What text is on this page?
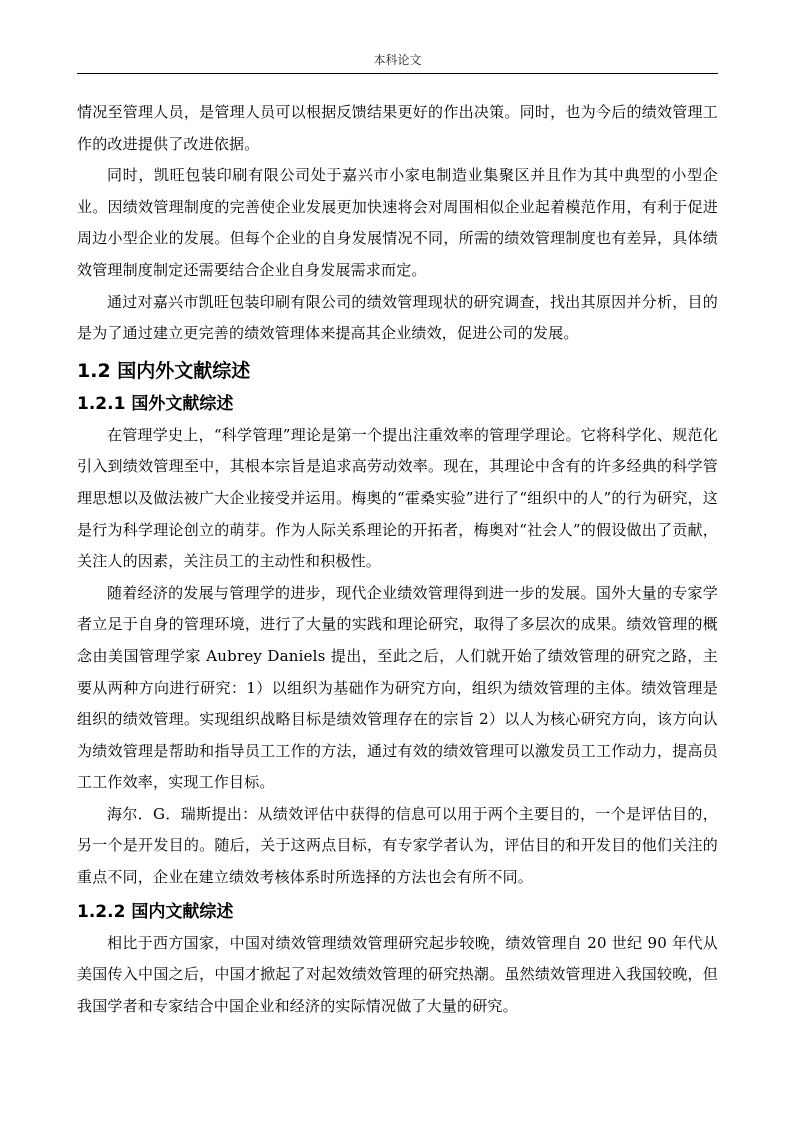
本科论文

情况至管理人员，是管理人员可以根据反馈结果更好的作出决策。同时，也为今后的绩效管理工作的改进提供了改进依据。

同时，凯旺包装印刷有限公司处于嘉兴市小家电制造业集聚区并且作为其中典型的小型企业。因绩效管理制度的完善使企业发展更加快速将会对周围相似企业起着模范作用，有利于促进周边小型企业的发展。但每个企业的自身发展情况不同，所需的绩效管理制度也有差异，具体绩效管理制度制定还需要结合企业自身发展需求而定。

通过对嘉兴市凯旺包装印刷有限公司的绩效管理现状的研究调查，找出其原因并分析，目的是为了通过建立更完善的绩效管理体来提高其企业绩效，促进公司的发展。

1.2 国内外文献综述
1.2.1 国外文献综述

在管理学史上，“科学管理”理论是第一个提出注重效率的管理学理论。它将科学化、规范化引入到绩效管理至中，其根本宗旨是追求高劳动效率。现在，其理论中含有的许多经典的科学管理思想以及做法被广大企业接受并运用。梅奥的“霍桑实验”进行了“组织中的人”的行为研究，这是行为科学理论创立的萌芽。作为人际关系理论的开拓者，梅奥对“社会人”的假设做出了贡献，关注人的因素，关注员工的主动性和积极性。

随着经济的发展与管理学的进步，现代企业绩效管理得到进一步的发展。国外大量的专家学者立足于自身的管理环境，进行了大量的实践和理论研究，取得了多层次的成果。绩效管理的概念由美国管理学家 Aubrey Daniels 提出，至此之后，人们就开始了绩效管理的研究之路，主要从两种方向进行研究：1）以组织为基础作为研究方向，组织为绩效管理的主体。绩效管理是组织的绩效管理。实现组织战略目标是绩效管理存在的宗旨 2）以人为核心研究方向，该方向认为绩效管理是帮助和指导员工工作的方法，通过有效的绩效管理可以激发员工工作动力，提高员工工作效率，实现工作目标。

海尔．G．瑞斯提出：从绩效评估中获得的信息可以用于两个主要目的，一个是评估目的，另一个是开发目的。随后，关于这两点目标，有专家学者认为，评估目的和开发目的他们关注的重点不同，企业在建立绩效考核体系时所选择的方法也会有所不同。

1.2.2 国内文献综述

相比于西方国家，中国对绩效管理绩效管理研究起步较晚，绩效管理自 20 世纪 90 年代从美国传入中国之后，中国才掀起了对起效绩效管理的研究热潮。虽然绩效管理进入我国较晚，但我国学者和专家结合中国企业和经济的实际情况做了大量的研究。
